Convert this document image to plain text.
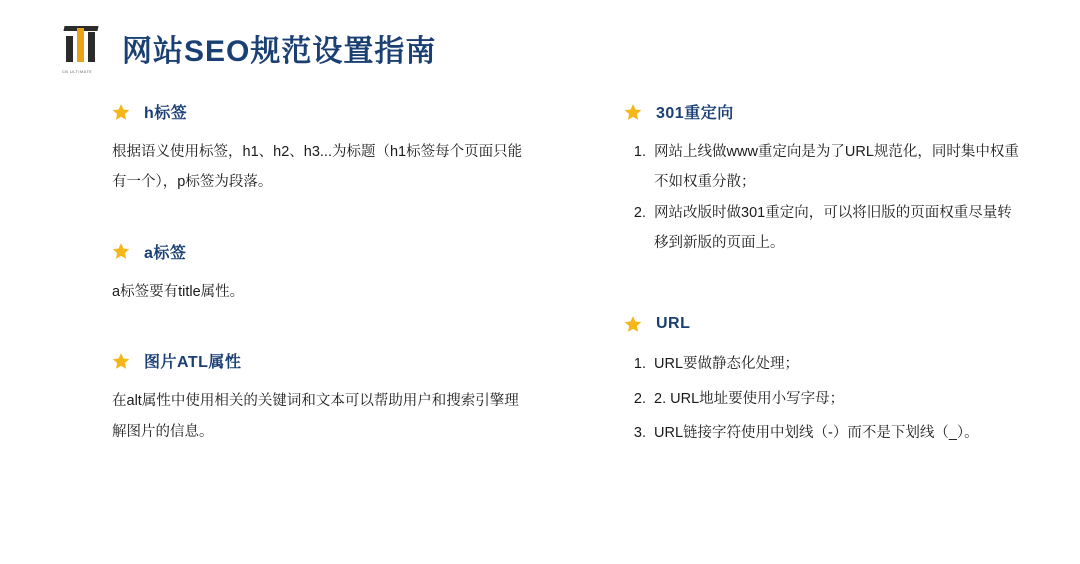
CB ULTIMATE
网站SEO规范设置指南
h标签

根据语义使用标签，h1、h2、h3...为标题（h1标签每个页面只能有一个），p标签为段落。

a标签

a标签要有title属性。

图片ATL属性

在alt属性中使用相关的关键词和文本可以帮助用户和搜索引擎理解图片的信息。

301重定向
1. 网站上线做www重定向是为了URL规范化，同时集中权重不如权重分散；
2. 网站改版时做301重定向，可以将旧版的页面权重尽量转移到新版的页面上。
URL
1. URL要做静态化处理；
2. 2. URL地址要使用小写字母；
3. URL链接字符使用中划线（-）而不是下划线（_）。
